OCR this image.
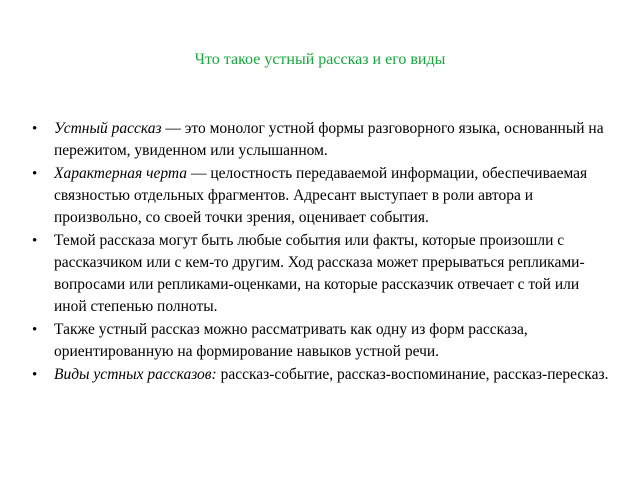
Что такое устный рассказ и его виды
•	Устный рассказ — это монолог устной формы разговорного языка, основанный на пережитом, увиденном или услышанном.
•	Характерная черта — целостность передаваемой информации, обеспечиваемая связностью отдельных фрагментов. Адресант выступает в роли автора и произвольно, со своей точки зрения, оценивает события.
•	Темой рассказа могут быть любые события или факты, которые произошли с рассказчиком или с кем-то другим. Ход рассказа может прерываться репликами-вопросами или репликами-оценками, на которые рассказчик отвечает с той или иной степенью полноты.
•	Также устный рассказ можно рассматривать как одну из форм рассказа, ориентированную на формирование навыков устной речи.
•	Виды устных рассказов: рассказ-событие, рассказ-воспоминание, рассказ-пересказ.
